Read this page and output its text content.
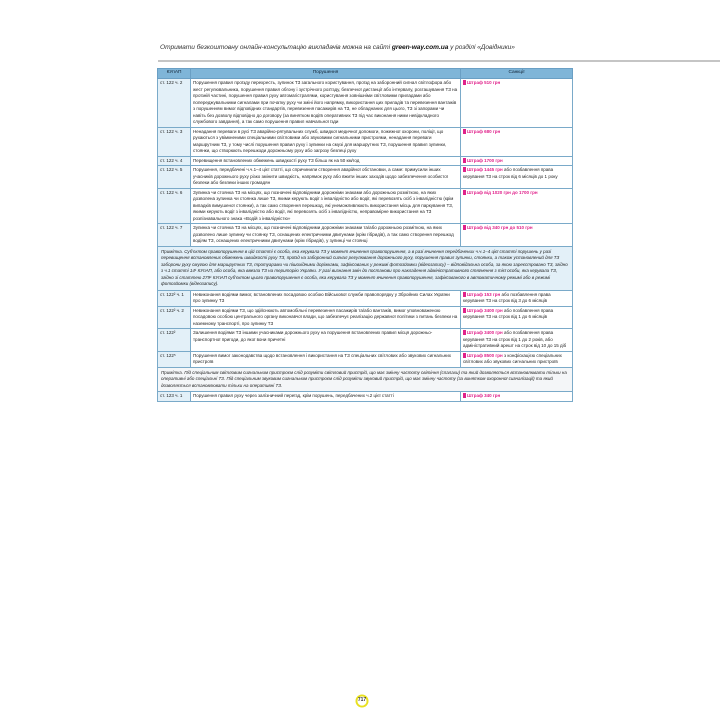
Отримати безкоштовну онлайн-консультацію викладачів можна на сайті green-way.com.ua у розділі «Довідники»
КУпАП	Порушення	Санкції
ст. 122 ч. 2	Порушення правил проїзду перехресть, зупинок ТЗ загального користування, проїзд на заборонний сигнал світлофора або жест регулювальника, порушення правил обгону і зустрічного роз'їзду, безпечної дистанції або інтервалу, розташування ТЗ на проїзній частині, порушення правил руху автомагістралями, користування зовнішніми світловими приладами або попереджувальними сигналами при початку руху чи зміні його напрямку, використання цих приладів та перевезення вантажів з порушенням вимог відповідних стандартів, перевезення пасажирів на ТЗ, не обладнаних для цього, ТЗ зі запорами чи навіть без дозволу відповідно до договору (за винятком водіїв оперативних ТЗ під час виконання ними невідкладного службового завдання), а так само порушення правил навчальної їзди	Штраф 510 грн
ст. 122 ч. 3	Ненадання переваги в русі ТЗ аварійно-рятувальних служб, швидкої медичної допомоги, пожежної охорони, поліції, що рухаються з увімкненими спеціальними світловими або звуковими сигнальними пристроями, ненадання переваги маршрутним ТЗ, у тому числі порушення правил руху і зупинки на смузі для маршрутних ТЗ, порушення правил зупинки, стоянки, що створюють перешкоди дорожньому руху або загрозу безпеці руху	Штраф 680 грн
ст. 122 ч. 4	Перевищення встановлених обмежень швидкості руху ТЗ більш як на 50 км/год	Штраф 1700 грн
ст. 122 ч. 5	Порушення, передбачені ч.ч.1–4 цієї статті, що спричинили створення аварійної обстановки, а саме: примусили інших учасників дорожнього руху різко змінити швидкість, напрямок руху або вжити інших заходів щодо забезпечення особистої безпеки або безпеки інших громадян	Штраф 1445 грн або позбавлення права керування ТЗ на строк від 6 місяців до 1 року
ст. 122 ч. 6	Зупинка чи стоянка ТЗ на місцях, що позначені відповідними дорожніми знаками або дорожньою розміткою, на яких дозволена зупинка чи стоянка лише ТЗ, якими керують водії з інвалідністю або водії, які перевозять осіб з інвалідністю (крім випадків вимушеної стоянки), а так само створення перешкод, які унеможливлюють використання місць для паркування ТЗ, якими керують водії з інвалідністю або водії, які перевозять осіб з інвалідністю, неправомірне використання на ТЗ розпізнавального знака «Водій з інвалідністю»	Штраф від 1020 грн до 1700 грн
ст. 122 ч. 7	Зупинка чи стоянка ТЗ на місцях, що позначені відповідними дорожніми знаками та/або дорожньою розміткою, на яких дозволено лише зупинку чи стоянку ТЗ, оснащених електричними двигунами (крім гібридів), а так само створення перешкод водіям ТЗ, оснащених електричними двигунами (крім гібридів), у зупинці чи стоянці	Штраф від 340 грн до 510 грн
Примітка. Суб'єктом правопорушення в цій статті є особа, яка керувала ТЗ у момент вчинення правопорушення, а в разі вчинення передбачених ч.ч.1–4 цієї статті порушень у разі перевищення встановлених обмежень швидкості руху ТЗ, проїзд на заборонний сигнал регулювання дорожнього руху, порушення правил зупинки, стоянки, а також установлений для ТЗ заборони руху смугою для маршрутних ТЗ, тротуарами чи пішохідними доріжками, зафіксованих у режимі фотозйомки (відеозапису) – відповідальна особа, за якою зареєстровано ТЗ, згідно з ч.1 статті 14¹ КУпАП, або особа, яка ввезла ТЗ на територію України. У разі визнання змін до постанови про накладення адміністративного стягнення з тієї особи, яка керувала ТЗ, згідно зі статтею 279¹ КУпАП суб'єктом цього правопорушення є особа, яка керувала ТЗ у момент вчинення правопорушення, зафіксованого в автоматичному режимі або в режимі фотозйомки (відеозапису).		
ст. 122² ч. 1	Невиконання водіями вимог, встановлених посадовою особою Військової служби правопорядку у Збройних Силах України про зупинку ТЗ	Штраф 153 грн або позбавлення права керування ТЗ на строк від 3 до 6 місяців
ст. 122² ч. 2	Невиконання водіями ТЗ, що здійснюють автомобільні перевезення пасажирів та/або вантажів, вимог уповноваженою посадовою особою центрального органу виконавчої влади, що забезпечує реалізацію державної політики з питань безпеки на наземному транспорті, про зупинку ТЗ	Штраф 3400 грн або позбавлення права керування ТЗ на строк від 1 до 6 місяців
ст. 122²	Залишення водіями ТЗ іншими учасниками дорожнього руху на порушення встановлених правил місця дорожньо-транспортної пригоди, до якої вони причетні	Штраф 3400 грн або позбавлення права керування ТЗ на строк від 1 до 2 років, або адміністративний арешт на строк від 10 до 15 діб
ст. 122⁵	Порушення вимог законодавства щодо встановлення і використання на ТЗ спеціальних світлових або звукових сигнальних пристроїв	Штраф 8500 грн з конфіскацією спеціальних світлових або звукових сигнальних пристроїв
Примітка. Під спеціальним світловим сигнальним пристроєм слід розуміти світловий пристрій, що має змінну частоту світіння (спалахи) та який дозволяється встановлювати тільки на оперативні або спеціальні ТЗ. Під спеціальним звуковим сигнальним пристроєм слід розуміти звуковий пристрій, що має змінну частоту (за винятком охоронної сигналізації) та який дозволяється встановлювати тільки на оперативні ТЗ.		
ст. 123 ч. 1	Порушення правил руху через залізничний переїзд, крім порушень, передбачених ч.2 цієї статті	Штраф 340 грн
717
